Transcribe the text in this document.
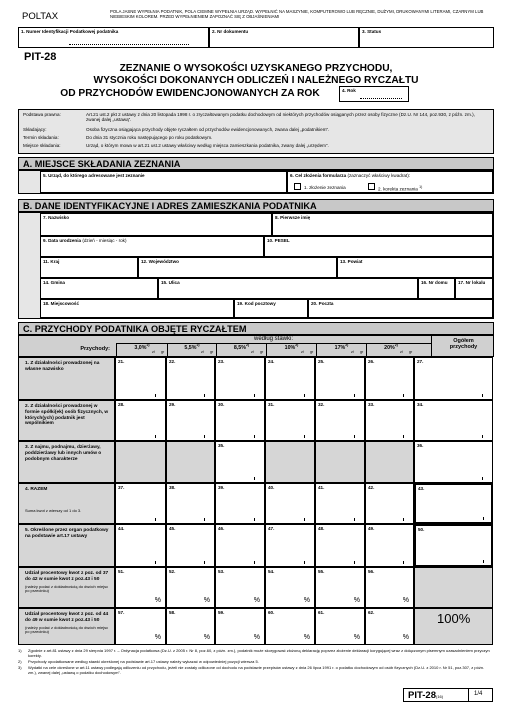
POLTAX	POLA JASNE WYPEŁNIA PODATNIK, POLA CIEMNE WYPEŁNIA URZĄD. WYPEŁNIĆ NA MASZYNIE, KOMPUTEROWO LUB RĘCZNIE, DUŻYMI, DRUKOWANYMI LITERAMI, CZARNYM LUB NIEBIESKIM KOLOREM. PRZED WYPEŁNIENIEM ZAPOZNAĆ SIĘ Z OBJAŚNIENIAMI
1. Numer Identyfikacji Podatkowej podatnika	2. Nr dokumentu	3. Status
PIT-28
ZEZNANIE O WYSOKOŚCI UZYSKANEGO PRZYCHODU,
WYSOKOŚCI DOKONANYCH ODLICZEŃ I NALEŻNEGO RYCZAŁTU
OD PRZYCHODÓW EWIDENCJONOWANYCH ZA ROK	4. Rok
Podstawa prawna:	Art.21 ust.2 pkt 2 ustawy z dnia 20 listopada 1998 r. o zryczałtowanym podatku dochodowym od niektórych przychodów osiąganych przez osoby fizyczne (Dz.U. Nr 144, poz.930, z późn. zm.), zwanej dalej „ustawą”.
Składający:	Osoba fizyczna osiągająca przychody objęte ryczałtem od przychodów ewidencjonowanych, zwana dalej „podatnikiem”.
Termin składania:	Do dnia 31 stycznia roku następującego po roku podatkowym.
Miejsce składania:	Urząd, o którym mowa w art.21 ust.2 ustawy właściwy według miejsca zamieszkania podatnika, zwany dalej „urzędem”.
A. MIEJSCE SKŁADANIA ZEZNANIA
5. Urząd, do którego adresowane jest zeznanie	6. Cel złożenia formularza (zaznaczyć właściwy kwadrat):
1. złożenie zeznania	2. korekta zeznania $^{1)}$
B. DANE IDENTYFIKACYJNE I ADRES ZAMIESZKANIA PODATNIKA
7. Nazwisko	8. Pierwsze imię
9. Data urodzenia (dzień - miesiąc - rok)	10. PESEL
11. Kraj	12. Województwo	13. Powiat
14. Gmina	15. Ulica	16. Nr domu 17. Nr lokalu
18. Miejscowość	19. Kod pocztowy	20. Poczta
C. PRZYCHODY PODATNIKA OBJĘTE RYCZAŁTEM
według stawki:
Przychody:
Ogółem przychody
3,0%$^{2)}$
zł gr
5,5%$^{2)}$
zł gr
8,5%$^{2)}$
zł gr
10%$^{2)}$
zł gr
17%$^{2)}$
zł gr
20%$^{2)}$
zł gr
1. Z działalności prowadzonej na własne nazwisko
21.	22.	23.	24.	25.	26.	27.
2. Z działalności prowadzonej w formie spółki(ek) osób fizycznych, w których(ych) podatnik jest wspólnikiem
28.	29.	30.	31.	32.	33.	34.
3. Z najmu, podnajmu, dzierżawy, poddzierżawy lub innych umów o podobnym charakterze
35.	36.
4. RAZEM
Suma kwot z wierszy od 1 do 3.
37.	38.	39.	40.	41.	42.	43.
5. Określone przez organ podatkowy na podstawie art.17 ustawy
44.	45.	46.	47.	48.	49.	50.
Udział procentowy kwot z poz. od 37 do 42 w sumie kwot z poz.43 i 50
(należy podać z dokładnością do dwóch miejsc po przecinku)
51.
%
52.
%
53.
%
54.
%
55.
%
56.
%
Udział procentowy kwot z poz. od 44 do 49 w sumie kwot z poz.43 i 50
(należy podać z dokładnością do dwóch miejsc po przecinku)
57.
%
58.
%
59.
%
60.
%
61.
%
62.
%
100%
1) Zgodnie z art.81 ustawy z dnia 29 sierpnia 1997 r. – Ordynacja podatkowa (Dz.U. z 2005 r. Nr 8, poz.60, z późn. zm.), podatnik może skorygować złożoną deklarację poprzez złożenie deklaracji korygującej wraz z dołączonym pisemnym uzasadnieniem przyczyn korekty.
2) Przychody opodatkowane według stawki określonej na podstawie art.17 ustawy należy wykazać w odpowiedniej pozycji wiersza 5.
3) Wydatki na cele określone w art.11 ustawy podlegają odliczeniu od przychodu, jeżeli nie zostały odliczone od dochodu na podstawie przepisów ustawy z dnia 26 lipca 1991 r. o podatku dochodowym od osób fizycznych (Dz.U. z 2010 r. Nr 51, poz.307, z późn. zm.), zwanej dalej „ustawą o podatku dochodowym”.
PIT-28(16)	1/4
